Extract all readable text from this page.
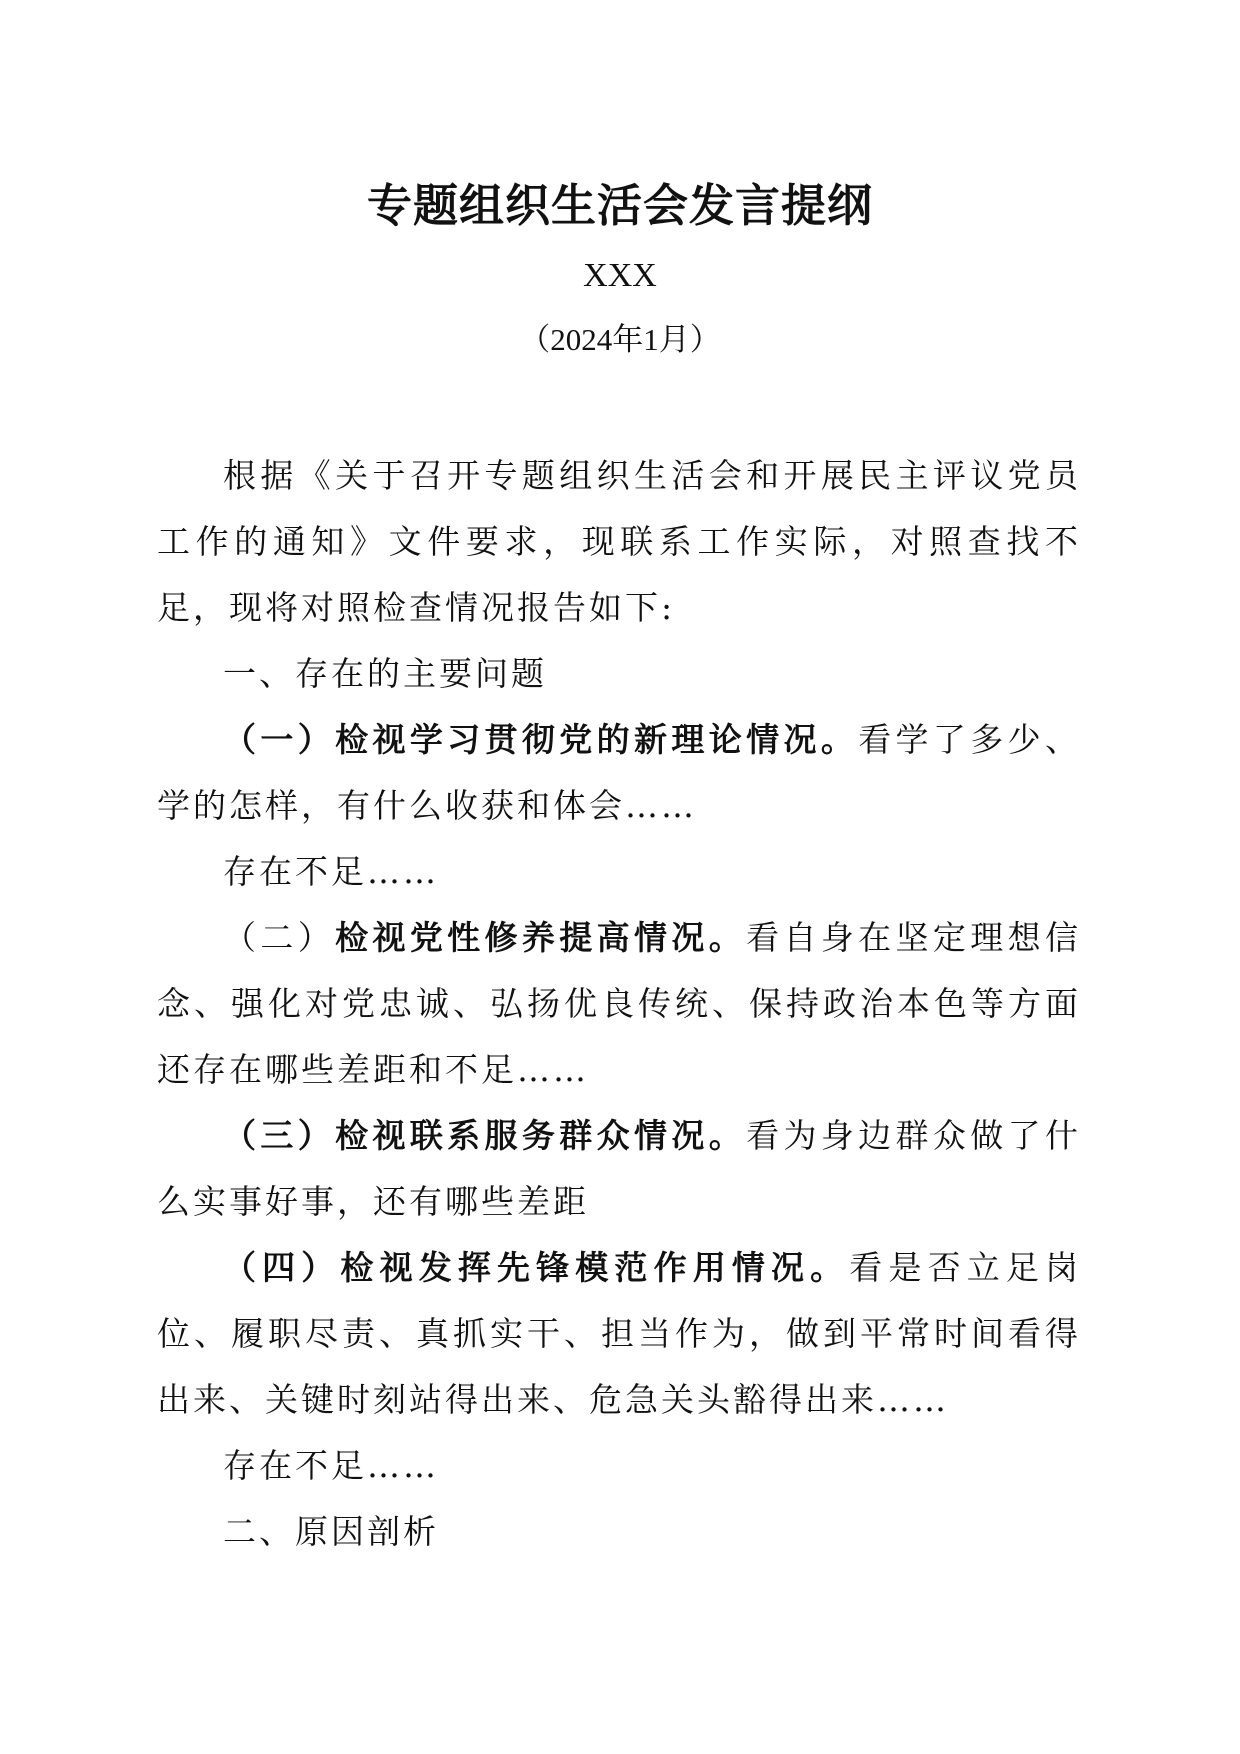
专题组织生活会发言提纲
XXX
（2024年1月）

根据《关于召开专题组织生活会和开展民主评议党员工作的通知》文件要求，现联系工作实际，对照查找不足，现将对照检查情况报告如下:

一、存在的主要问题

（一）检视学习贯彻党的新理论情况。看学了多少、学的怎样，有什么收获和体会……

存在不足……

（二）检视党性修养提高情况。看自身在坚定理想信念、强化对党忠诚、弘扬优良传统、保持政治本色等方面还存在哪些差距和不足……

（三）检视联系服务群众情况。看为身边群众做了什么实事好事，还有哪些差距

（四）检视发挥先锋模范作用情况。看是否立足岗位、履职尽责、真抓实干、担当作为，做到平常时间看得出来、关键时刻站得出来、危急关头豁得出来……

存在不足……

二、原因剖析
